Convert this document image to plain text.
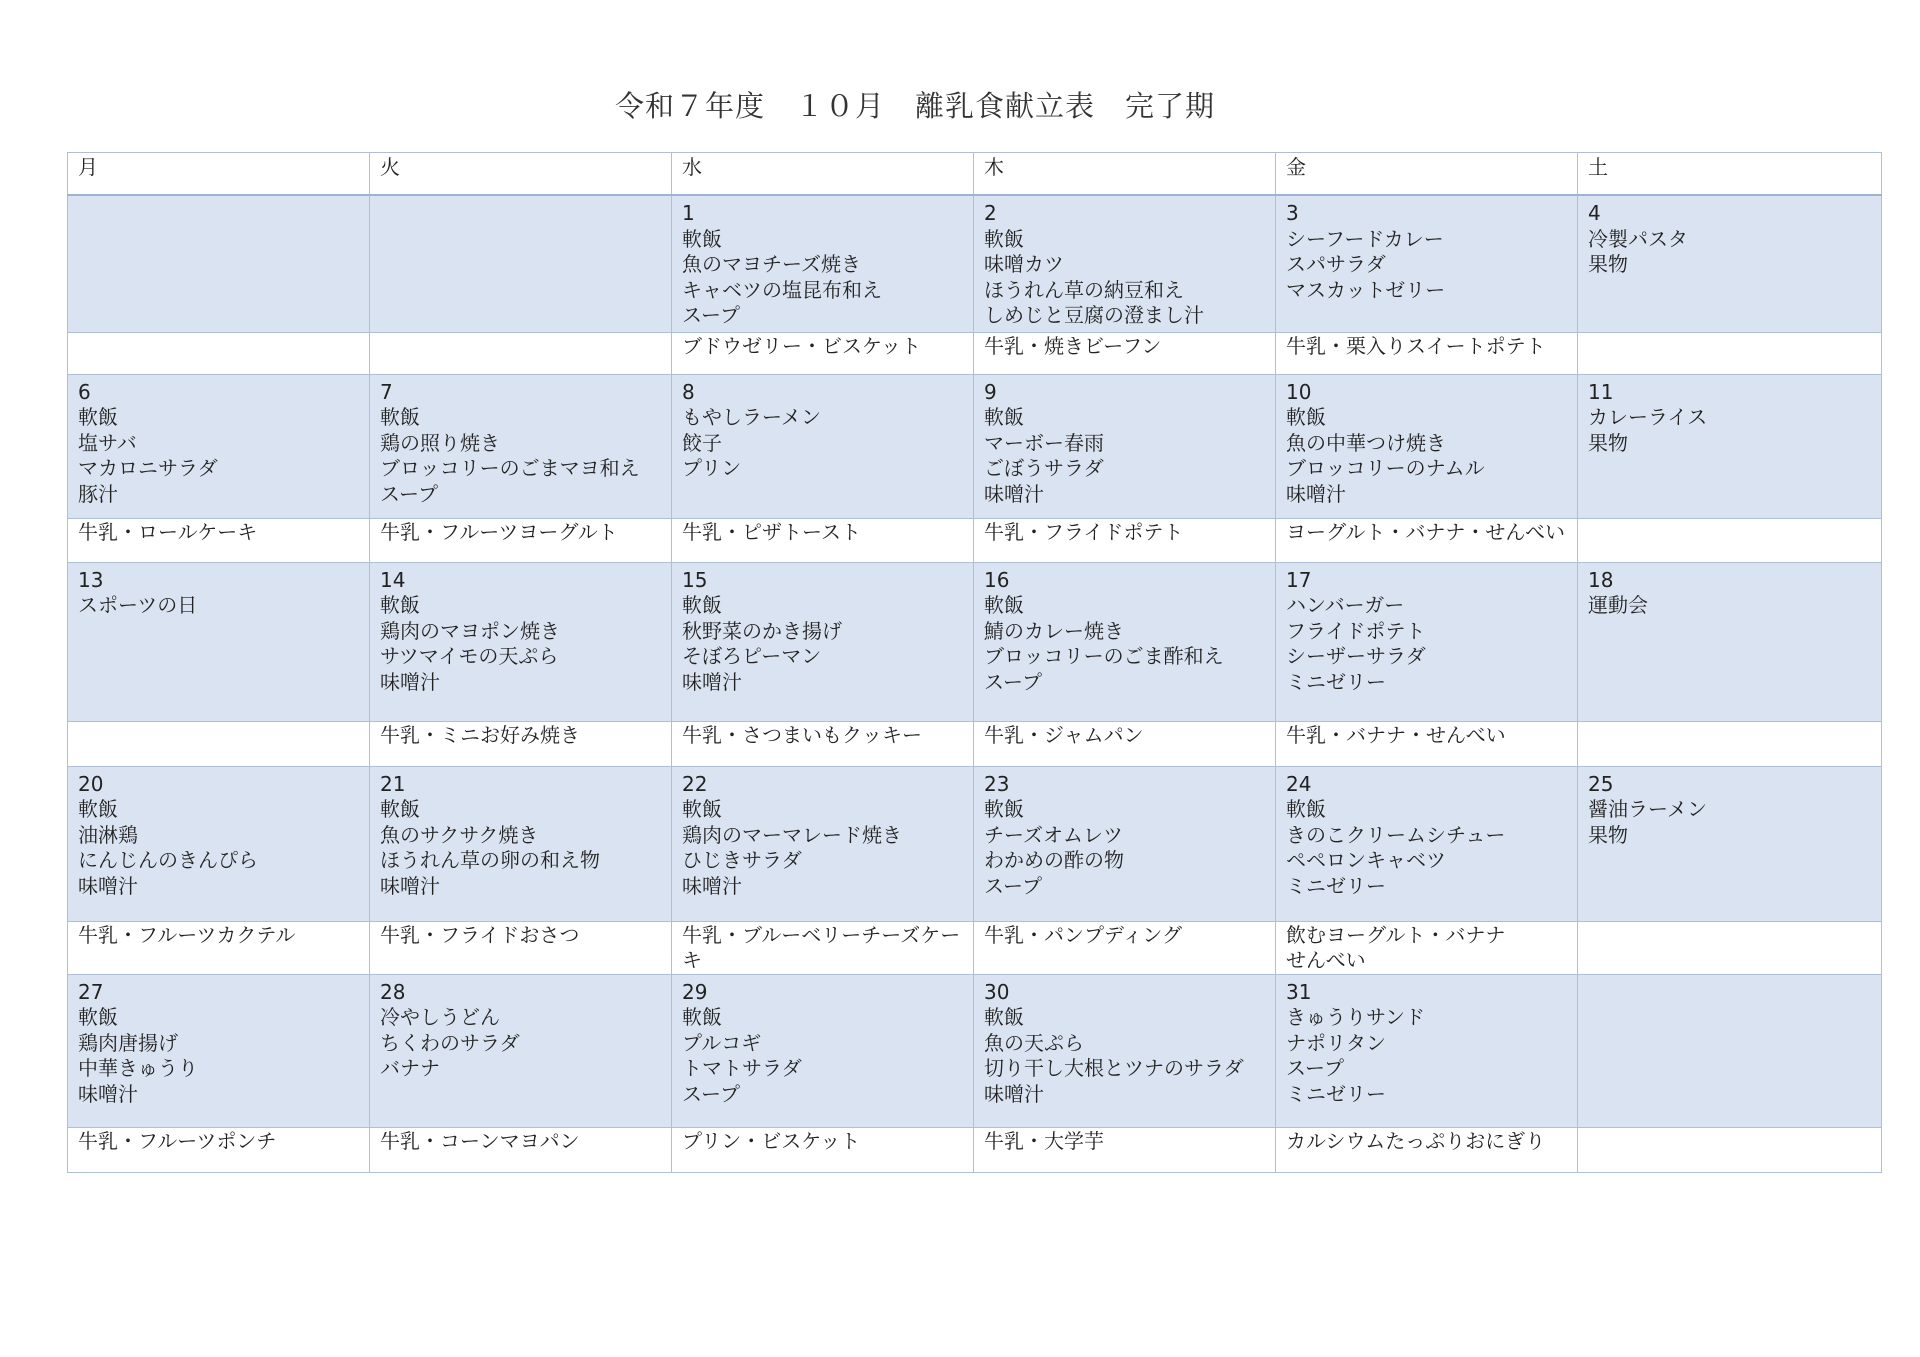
令和７年度　１０月　離乳食献立表　完了期
月	火	水	木	金	土

		1
軟飯
魚のマヨチーズ焼き
キャベツの塩昆布和え
スープ	2
軟飯
味噌カツ
ほうれん草の納豆和え
しめじと豆腐の澄まし汁	3
シーフードカレー
スパサラダ
マスカットゼリー	4
冷製パスタ
果物

		ブドウゼリー・ビスケット	牛乳・焼きビーフン	牛乳・栗入りスイートポテト	

6
軟飯
塩サバ
マカロニサラダ
豚汁	7
軟飯
鶏の照り焼き
ブロッコリーのごまマヨ和え
スープ	8
もやしラーメン
餃子
プリン	9
軟飯
マーボー春雨
ごぼうサラダ
味噌汁	10
軟飯
魚の中華つけ焼き
ブロッコリーのナムル
味噌汁	11
カレーライス
果物

牛乳・ロールケーキ	牛乳・フルーツヨーグルト	牛乳・ピザトースト	牛乳・フライドポテト	ヨーグルト・バナナ・せんべい	

13
スポーツの日	14
軟飯
鶏肉のマヨポン焼き
サツマイモの天ぷら
味噌汁	15
軟飯
秋野菜のかき揚げ
そぼろピーマン
味噌汁	16
軟飯
鯖のカレー焼き
ブロッコリーのごま酢和え
スープ	17
ハンバーガー
フライドポテト
シーザーサラダ
ミニゼリー	18
運動会

	牛乳・ミニお好み焼き	牛乳・さつまいもクッキー	牛乳・ジャムパン	牛乳・バナナ・せんべい	

20
軟飯
油淋鶏
にんじんのきんぴら
味噌汁	21
軟飯
魚のサクサク焼き
ほうれん草の卵の和え物
味噌汁	22
軟飯
鶏肉のマーマレード焼き
ひじきサラダ
味噌汁	23
軟飯
チーズオムレツ
わかめの酢の物
スープ	24
軟飯
きのこクリームシチュー
ペペロンキャベツ
ミニゼリー	25
醤油ラーメン
果物

牛乳・フルーツカクテル	牛乳・フライドおさつ	牛乳・ブルーベリーチーズケー
キ	牛乳・パンプディング	飲むヨーグルト・バナナ
せんべい	

27
軟飯
鶏肉唐揚げ
中華きゅうり
味噌汁	28
冷やしうどん
ちくわのサラダ
バナナ	29
軟飯
プルコギ
トマトサラダ
スープ	30
軟飯
魚の天ぷら
切り干し大根とツナのサラダ
味噌汁	31
きゅうりサンド
ナポリタン
スープ
ミニゼリー	

牛乳・フルーツポンチ	牛乳・コーンマヨパン	プリン・ビスケット	牛乳・大学芋	カルシウムたっぷりおにぎり	
